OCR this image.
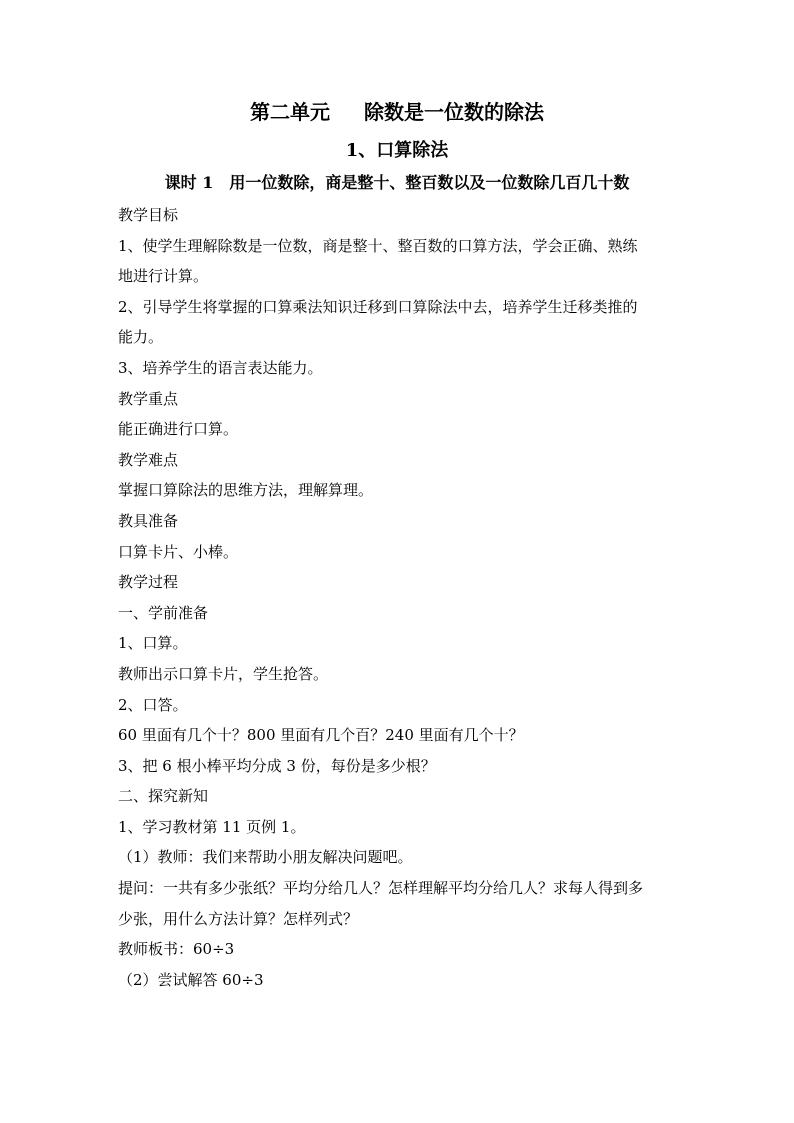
第二单元 除数是一位数的除法
1、口算除法
课时 1　用一位数除，商是整十、整百数以及一位数除几百几十数
教学目标
1、使学生理解除数是一位数，商是整十、整百数的口算方法，学会正确、熟练
地进行计算。
2、引导学生将掌握的口算乘法知识迁移到口算除法中去，培养学生迁移类推的
能力。
3、培养学生的语言表达能力。
教学重点
能正确进行口算。
教学难点
掌握口算除法的思维方法，理解算理。
教具准备
口算卡片、小棒。
教学过程
一、学前准备
1、口算。
教师出示口算卡片，学生抢答。
2、口答。
60 里面有几个十？800 里面有几个百？240 里面有几个十？
3、把 6 根小棒平均分成 3 份，每份是多少根？
二、探究新知
1、学习教材第 11 页例 1。
（1）教师：我们来帮助小朋友解决问题吧。
提问：一共有多少张纸？平均分给几人？怎样理解平均分给几人？求每人得到多
少张，用什么方法计算？怎样列式？
教师板书：60÷3
（2）尝试解答 60÷3
